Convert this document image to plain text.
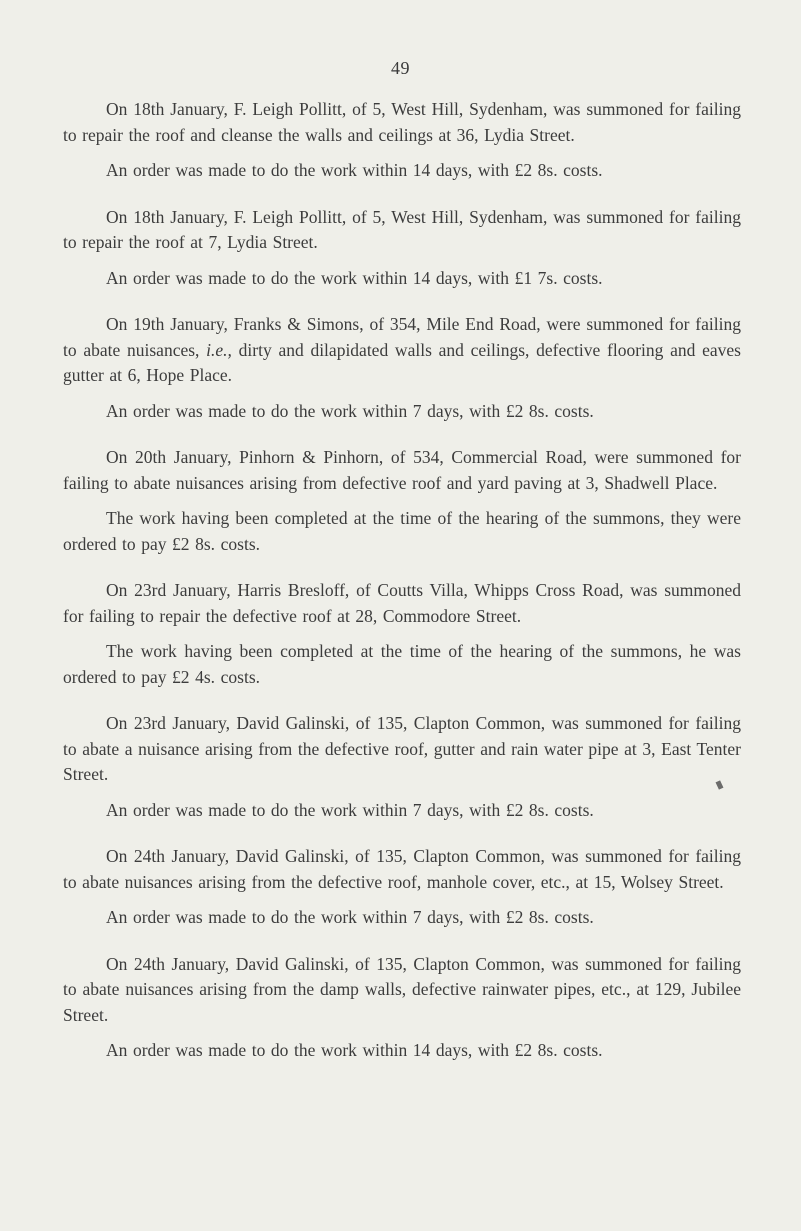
49

On 18th January, F. Leigh Pollitt, of 5, West Hill, Sydenham, was summoned for failing to repair the roof and cleanse the walls and ceilings at 36, Lydia Street.

An order was made to do the work within 14 days, with £2 8s. costs.

On 18th January, F. Leigh Pollitt, of 5, West Hill, Sydenham, was summoned for failing to repair the roof at 7, Lydia Street.

An order was made to do the work within 14 days, with £1 7s. costs.

On 19th January, Franks & Simons, of 354, Mile End Road, were summoned for failing to abate nuisances, i.e., dirty and dilapidated walls and ceilings, defective flooring and eaves gutter at 6, Hope Place.

An order was made to do the work within 7 days, with £2 8s. costs.

On 20th January, Pinhorn & Pinhorn, of 534, Commercial Road, were summoned for failing to abate nuisances arising from defective roof and yard paving at 3, Shadwell Place.

The work having been completed at the time of the hearing of the summons, they were ordered to pay £2 8s. costs.

On 23rd January, Harris Bresloff, of Coutts Villa, Whipps Cross Road, was summoned for failing to repair the defective roof at 28, Commodore Street.

The work having been completed at the time of the hearing of the summons, he was ordered to pay £2 4s. costs.

On 23rd January, David Galinski, of 135, Clapton Common, was summoned for failing to abate a nuisance arising from the defective roof, gutter and rain water pipe at 3, East Tenter Street.

An order was made to do the work within 7 days, with £2 8s. costs.

On 24th January, David Galinski, of 135, Clapton Common, was summoned for failing to abate nuisances arising from the defective roof, manhole cover, etc., at 15, Wolsey Street.

An order was made to do the work within 7 days, with £2 8s. costs.

On 24th January, David Galinski, of 135, Clapton Common, was summoned for failing to abate nuisances arising from the damp walls, defective rainwater pipes, etc., at 129, Jubilee Street.

An order was made to do the work within 14 days, with £2 8s. costs.
